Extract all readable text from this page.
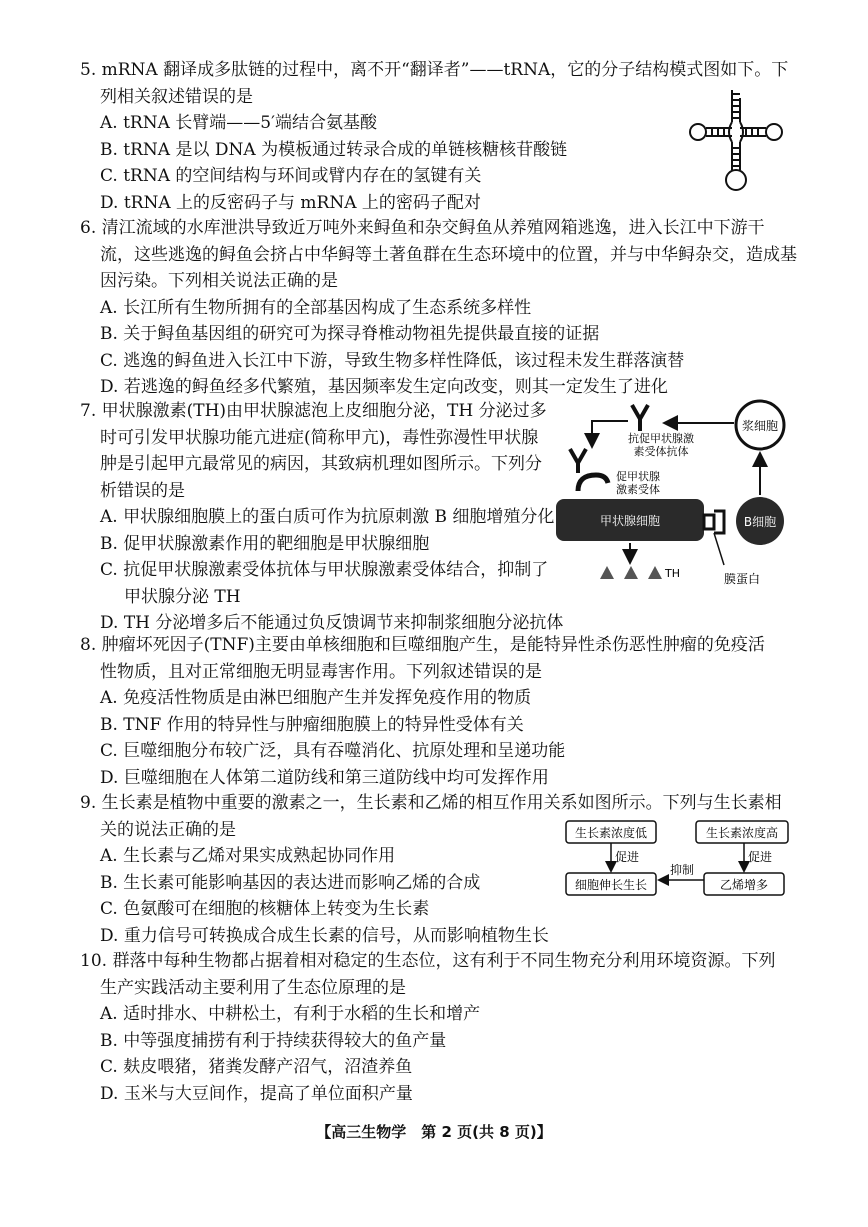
5. mRNA 翻译成多肽链的过程中，离不开“翻译者”——tRNA，它的分子结构模式图如下。下

列相关叙述错误的是

A. tRNA 长臂端——5′端结合氨基酸

B. tRNA 是以 DNA 为模板通过转录合成的单链核糖核苷酸链

C. tRNA 的空间结构与环间或臂内存在的氢键有关

D. tRNA 上的反密码子与 mRNA 上的密码子配对

6. 清江流域的水库泄洪导致近万吨外来鲟鱼和杂交鲟鱼从养殖网箱逃逸，进入长江中下游干

流，这些逃逸的鲟鱼会挤占中华鲟等土著鱼群在生态环境中的位置，并与中华鲟杂交，造成基

因污染。下列相关说法正确的是

A. 长江所有生物所拥有的全部基因构成了生态系统多样性

B. 关于鲟鱼基因组的研究可为探寻脊椎动物祖先提供最直接的证据

C. 逃逸的鲟鱼进入长江中下游，导致生物多样性降低，该过程未发生群落演替

D. 若逃逸的鲟鱼经多代繁殖，基因频率发生定向改变，则其一定发生了进化

7. 甲状腺激素(TH)由甲状腺滤泡上皮细胞分泌，TH 分泌过多

时可引发甲状腺功能亢进症(简称甲亢)，毒性弥漫性甲状腺

肿是引起甲亢最常见的病因，其致病机理如图所示。下列分

析错误的是

A. 甲状腺细胞膜上的蛋白质可作为抗原刺激 B 细胞增殖分化

B. 促甲状腺激素作用的靶细胞是甲状腺细胞

C. 抗促甲状腺激素受体抗体与甲状腺激素受体结合，抑制了

甲状腺分泌 TH

D. TH 分泌增多后不能通过负反馈调节来抑制浆细胞分泌抗体

浆细胞
抗促甲状腺激
素受体抗体
促甲状腺
激素受体
甲状腺细胞	B细胞
膜蛋白
TH

8. 肿瘤坏死因子(TNF)主要由单核细胞和巨噬细胞产生，是能特异性杀伤恶性肿瘤的免疫活

性物质，且对正常细胞无明显毒害作用。下列叙述错误的是

A. 免疫活性物质是由淋巴细胞产生并发挥免疫作用的物质

B. TNF 作用的特异性与肿瘤细胞膜上的特异性受体有关

C. 巨噬细胞分布较广泛，具有吞噬消化、抗原处理和呈递功能

D. 巨噬细胞在人体第二道防线和第三道防线中均可发挥作用

9. 生长素是植物中重要的激素之一，生长素和乙烯的相互作用关系如图所示。下列与生长素相

关的说法正确的是

A. 生长素与乙烯对果实成熟起协同作用

B. 生长素可能影响基因的表达进而影响乙烯的合成

C. 色氨酸可在细胞的核糖体上转变为生长素

D. 重力信号可转换成合成生长素的信号，从而影响植物生长

生长素浓度低	生长素浓度高
细胞伸长生长	乙烯增多
促进	促进
抑制

10. 群落中每种生物都占据着相对稳定的生态位，这有利于不同生物充分利用环境资源。下列

生产实践活动主要利用了生态位原理的是

A. 适时排水、中耕松土，有利于水稻的生长和增产

B. 中等强度捕捞有利于持续获得较大的鱼产量

C. 麸皮喂猪，猪粪发酵产沼气，沼渣养鱼

D. 玉米与大豆间作，提高了单位面积产量

【高三生物学　第 2 页(共 8 页)】
